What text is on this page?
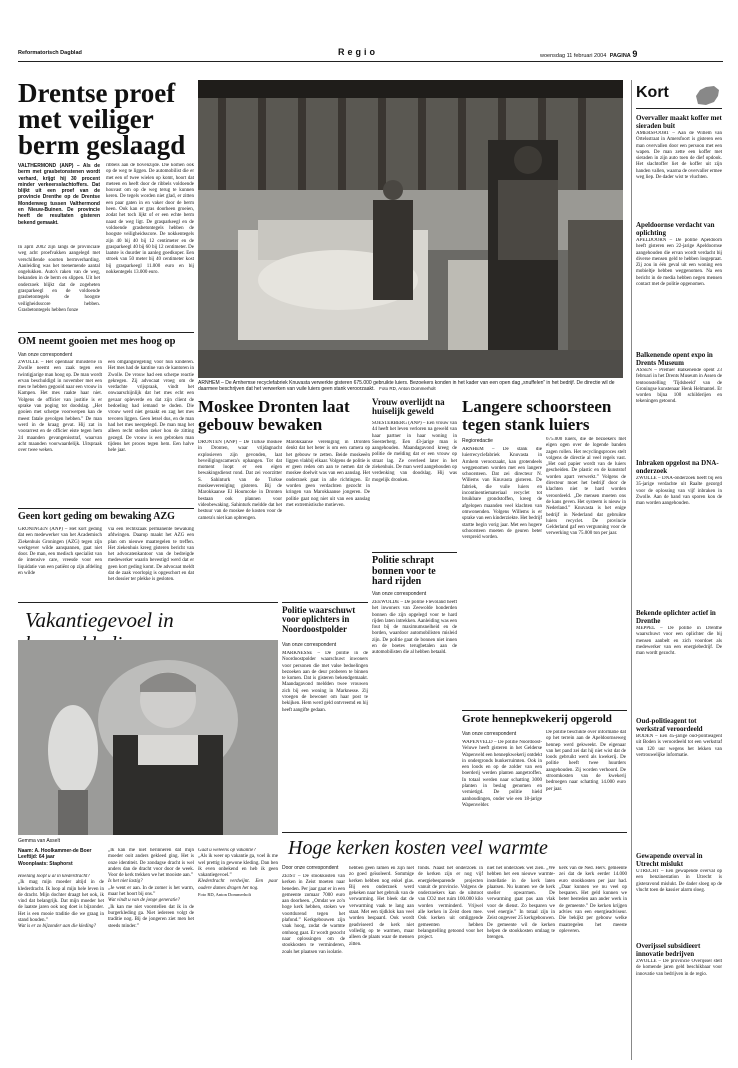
Reformatorisch Dagblad	Regio	woensdag 11 februari 2004 PAGINA 9
Drentse proef met veiliger berm geslaagd
VALTHERMOND (ANP) – Als de berm met grasbetonstenen wordt verhard, krijgt hij 30 procent minder verkeersslachtoffers. Dat blijkt uit een proef van de provincie Drenthe op de Drentse Mondenweg tussen Valthermond en Nieuw-Buinen. De provincie heeft de resultaten gisteren bekend gemaakt.
In april 2002 zijn langs de provinciale weg acht proefvakken aangelegd met verschillende soorten bermverharding. Aanleiding was het toenemende aantal ongelukken. Auto's raken van de weg, bekanden in de berm en slippen. Uit het onderzoek blijkt dat de zogeheten grasparkeegl en de voldoende grasbetontegels de hoogste veiligheidsscore hebben. Grasbetontegels hebben fonze
ribbels aan de bovenzijde. Die komen ook op de weg te liggen. De automobilist die er met een of twee wielen op komt, hoort dat meteen en heeft door de ribbels voldoende houvast om op de weg terug te kunnen keren. De tegels worden niet glad, er zitten een paar gaten in en vaker door de berm heen. Ook kan er gras doorheen groeien, zodat het toch lijkt of er een echte berm naast de weg ligt. De grasparkeegl en de voldoende grasbetontegels hebben de hoogste veiligheidsscore. De nokkentegels zijn 40 bij 40 bij 12 centimeter en de grasparkeegl 40 bij 60 bij 12 centimeter. De laatste is duurder in aanleg goedkoper. Een stroek van 50 meter bij 40 centimeter kost bij grasparkeegl 11.000 euro en bij nokkentegels 13.000 euro.
ARNHEM – De Arnhemse recyclefabriek Knuvasta verwerkte gisteren 675.000 gebruikte luiers. Bezoekers konden in het kader van een open dag „snuffelen” in het bedrijf. De directie wil de daarmee beschrijven dat het verwerken van vuile luiers geen stank veroorzaakt. Foto RD, Anton Dommerholt
OM neemt gooien met mes hoog op
Van onze correspondent
ZWOLLE – Het openbaar ministerie in Zwolle neemt een zaak tegen een twintigjarige man hoog op. De man wordt ervan beschuldigd in november met een mes te hebben gegooid naar een vrouw in Kampen. Het mes raakte haar niet. Volgens de officier van justitie is er sprake van poging tot doodslag. „Het gooien met scherpe voorwerpen kan de meest fatale gevolgen hebben.” De man werd in de kraag gevat. Hij zat in voorarrest en de officier eiste tegen hem 24 maanden gevangenisstraf, waarvan acht maanden voorwaardelijk. Uitspraak over twee weken.
een omgangsregeling voor hun kinderen. Het mes had de kantine van de kantoren in Zwolle. De vrouw had een scherpe reactie gekregen. Zij advocaat vroeg om de verdachte vrijspraak, vindt het onwaarschijnlijk dat het mes echt een gevaar opleverde en dat zijn client de bedoeling had iemand te doden. Die vrouw werd niet geraakt en zag het mes tevoren liggen. Geen letsel dus, en de man had het mes neergelegd. De man mag het alleen recht stellen zeker hou de zitting gezegd. De vrouw is een gebroken man tijdens het proces tegen hem. Een halve hele jaar.
Geen kort geding om bewaking AZG
GRONINGEN (ANP) – Het kort geding dat een medewerker van het Academisch Ziekenhuis Groningen (AZG) tegen zijn werkgever wilde aanspannen, gaat niet door. De man, een medisch specialist van de intensive care, vreesde voor een liquidatie van een patiënt op zijn afdeling en wilde
via een rechtszaak permanente bewaking afdwingen. Daarop maakt het AZG een plan om nieuwe maatregelen te treffen. Het ziekenhuis kreeg gisteren bericht van het advocatenkantoor van de bedreigde medewerker waarin bevestigd werd dat er geen kort geding komt. De advocaat meldt dat de zaak voorlopig is opgeschort en dat het dossier ter plekke is gesloten.
Vakantiegevoel in
Gemma van Asselt

Naam: A. Hoolkammer-de Boer

Leeftijd: 64 jaar

Woonplaats: Staphorst

Hoelang loopt u al in klederdracht?

„Ik mag mijn moeder altijd in de klederdracht. Ik loop al mijn hele leven in de dracht. Mijn dochter draagt het ook, ik vind dat belangrijk. Dat mijn moeder het de laatste jaren ook nog doet is bijzonder. Het is een mooie traditie die we graag in stand houden.”

Wat is er zo bijzonder aan die kleding?

„Ik kan me niet herinneren dat mijn moeder ooit anders gekleed ging. Het is onze identiteit. De zondagse dracht is wel anders dan de dracht voor door de week. Voor de kerk trekken we het mooiste aan.”

Is het niet lastig?

„Je went er aan. In de zomer is het warm, maar het hoort bij ons.”

Wat vindt u van de jonge generatie?

„Ik kan me niet voorstellen dat ik in de burgerkleding ga. Niet iedereen volgt de traditie nog. Bij de jongeren ziet men het steeds minder.”

Gaat u weleens op vakantie?

„Als ik weer op vakantie ga, voel ik me wel prettig in gewone kleding. Dan ben ik even onbekend en heb ik geen vakantiegevoel.”

Klederdracht verdwijnt. Een paar oudere dames dragen het nog.

Foto RD, Anton Dommerholt

Moskee Dronten laat gebouw bewaken
DRONTEN (ANP) – De Turkse moskee in Dronten, waar vrijdagnacht explosieven zijn gevonden, laat beveiligingscamera's ophangen. Tot dat moment loopt er een eigen bewakingsdienst rond. Dat zei voorzitter S. Sahinturk van de Turkse moskeevereniging gisteren. Bij de Marokkaanse El Houmcoke in Dronten bestaan ook plannen voor videobewaking. Sahinturk meldde dat het bestuur van de moskee de kosten voor de camera's niet kan opbrengen.
Marokkaanse vereniging in Dronten denkt dat het beter is om een camera op het gebouw te zetten. Beide moskeeën liggen vlakbij elkaar. Volgens de politie is er geen reden om aan te nemen dat de moskee doelwit was van een aanslag. Het onderzoek gaat in alle richtingen. Er worden geen verdachten gezocht in kringen van Marokkaanse jongeren. De politie gaat nog niet uit van een aanslag met extremistische motieven.
Vrouw overlijdt na huiselijk geweld
SOESTERBERG (ANP) – Een vrouw van 44 heeft het leven verloren na geweld van haar partner in haar woning in Soesterberg. Een 43-jarige man is aangehouden. Maandagavond kreeg de politie de melding dat er een vrouw op straat lag. Ze overleed later in het ziekenhuis. De man werd aangehouden op verdenking van doodslag. Hij was mogelijk dronken.
Politie schrapt bonnen voor te hard rijden
Van onze correspondent
ZEEWOLDE – De politie Flevoland heeft het inwoners van Zeewolde honderden bonnen die zijn opgelegd voor te hard rijden laten intrekken. Aanleiding was een fout bij de maximumsnelheid en de borden, waardoor automobilisten misleid zijn. De politie gaat de bonnen niet innen en de boetes terugbetalen aan de automobilisten die al hebben betaald.
Politie waarschuwt voor oplichters in Noordoostpolder
Van onze correspondent
MARKNESSE – De politie in de Noordoostpolder waarschuwt inwoners voor personen die met valse bedoelingen bezoeken aan de deur proberen te binnen te komen. Dat is gisteren bekendgemaakt. Maandagavond meldden twee vrouwen zich bij een woning in Marknesse. Zij vroegen de bewoner om haar post te bekijken. Hem werd geld ontvreemd en hij heeft aangifte gedaan.
Langere schoorsteen tegen stank luiers
Regioredactie
ARNHEM – De stank die luierrecyclefabriek Knuvasta in Arnhem veroorzaakt, kan grotendeels weggenomen worden met een langere schoorsteen. Dat zei directeur N. Willems van Knuvasta gisteren. De fabriek, die vuile luiers en incontinentiemateriaal recyclet tot bruikbare grondstoffen, kreeg de afgelopen maanden veel klachten van omwonenden. Volgens Willems is er sprake van een kinderziekte. Het bedrijf startte begin vorig jaar. Met een hogere schoorsteen moeten de geuren beter verspreid worden.
675.000 luiers, die de bezoekers met eigen ogen over de logende banden zagen rollen. Het recyclingsproces stelt volgens de directie al veel regels vast. „Het oud papier wordt van de luiers gescheiden. De plastic en de kunststof worden apart verwerkt.” Volgens de directeur moet het bedrijf door de klachten niet te hard worden veroordeeld. „De mensen moeten ons de kans geven. Het systeem is nieuw in Nederland.” Knuvasta is het enige bedrijf in Nederland dat gebruikte luiers recyclet. De provincie Gelderland gaf een vergunning voor de verwerking van 75.000 ton per jaar.
Grote hennepkwekerij opgerold
Van onze correspondent
WAPENVELD – De politie Noordoost-Veluwe heeft gisteren in het Gelderse Wapenveld een hennepkwekerij ontdekt in ondergronds bunkerruimten. Ook in een loods en op de zolder van een boerderij werden planten aangetroffen. In totaal werden naar schatting 3000 planten in beslag genomen en vernietigd. De politie hield aanhoudingen, onder wie een 18-jarige Wapenvelder.
De politie beschikte over informatie dat op het terrein aan de Apeldoornseweg hennep werd gekweekt. De eigenaar van het pand zei dat hij niet wist dat de loods gebruikt werd als kwekerij. De politie heeft twee huurders aangehouden. Zij worden verhoord. De stroomkosten van de kwekerij bedroegen naar schatting 14.000 euro per jaar.
Hoge kerken kosten veel warmte
Door onze correspondent
ZEIST – De stookkosten van kerken in Zeist moeten naar beneden. Per jaar gaat er in een gemeente zomaar 7000 euro aan doorheen. „Omdat we zo'n hoge kerk hebben, stoken we voortdurend tegen het plafond.” Kerkgebouwen zijn vaak hoog, zodat de warmte omhoog gaat. Er wordt gezocht naar oplossingen om de stookkosten te verminderen, zoals het plaatsen van isolatie.
hebben geen ramen en zijn niet zo goed geïsoleerd. Sommige kerken hebben nog enkel glas. Bij een onderzoek werd gekeken naar het gebruik van de verwarming. Het bleek dat de verwarming vaak te lang aan staat. Met een tijdklok kan veel worden bespaard. Ook wordt geadviseerd de kerk niet volledig op te warmen, maar alleen de plaats waar de mensen zitten.
fonds. Naast het onderzoek in de kerken zijn er nog vijf energiebesparende projecten vanuit de provincie. Volgens de onderzoekers kan de uitstoot van CO2 met ruim 100.000 kilo worden verminderd. Vrijwel alle kerken in Zeist doen mee. Ook kerken uit omliggende gemeenten hebben belangstelling getoond voor het project.
niet het onderzoek wel zien. „We hebben het een nieuwe warmte-instellatie in de kerk laten plaatsen. Nu kunnen we de kerk sneller opwarmen. De verwarming gaat pas aan vlak voor de dienst. Zo besparen we veel energie.” In totaal zijn in Zeist ongeveer 25 kerkgebouwen. De gemeente wil de kerken helpen de stookkosten omlaag te brengen.
kerk van de Ned. Herv. gemeente zei dat de kerk eerder 14.000 euro stookkosten per jaar had. „Daar kunnen we nu veel op besparen. Het geld kunnen we beter besteden aan ander werk in de gemeente.” De kerken krijgen advies van een energieadviseur. Die bekijkt per gebouw welke maatregelen het meeste opleveren.
Kort
Overvaller maakt koffer met sieraden buit
AMERSFOORT – Aan de Willem van Ortelsstraat in Amersfoort is gisteren een man overvallen door een persoon met een wapen. De man zette een koffer met sieraden in zijn auto toen de dief opdook. Het slachtoffer liet de koffer uit zijn handen vallen, waarna de overvaller ermee weg liep. De dader wist te vluchten.
Apeldoornse verdacht van oplichting
APELDOORN – De politie Apeldoorn heeft gisteren een 22-jarige Apeldoornse aangehouden die ervan wordt verdacht bij diverse mensen geld te hebben losgepraat. Zij zou in één geval uit een woning een mobieltje hebben weggenomen. Na een bericht in de media hebben negen mensen contact met de politie opgenomen.
Balkenende opent expo in Drents Museum
ASSEN – Premier Balkenende opent 23 februari in het Drents Museum in Assen de tentoonstelling 'Tijdsbeeld' van de Groningse kunstenaar Henk Helmantel. Er worden bijna 100 schilderijen en tekeningen getoond.
Inbraken opgelost na DNA-onderzoek
ZWOLLE – DNA-onderzoek heeft bij een 35-jarige verdachte uit Raalte gezorgd voor de oplossing van vijf inbraken in Zwolle. Aan de hand van sporen kon de man worden aangehouden.
Bekende oplichter actief in Drenthe
MEPPEL – De politie in Drenthe waarschuwt voor een oplichter die bij mensen aanbelt en zich voordoet als medewerker van een energiebedrijf. De man wordt gezocht.
Oud-politieagent tot werkstraf veroordeeld
BODEN – Een 45-jarige oud-politieagent uit Boden is veroordeeld tot een werkstraf van 120 uur wegens het lekken van vertrouwelijke informatie.
Gewapende overval in Utrecht mislukt
UTRECHT – Een gewapende overval op een benzinestation in Utrecht is gisteravond mislukt. De dader sloeg op de vlucht toen de kassier alarm sloeg.
Overijssel subsidieert innovatie bedrijven
ZWOLLE – De provincie Overijssel stelt de komende jaren geld beschikbaar voor innovatie van bedrijven in de regio.
